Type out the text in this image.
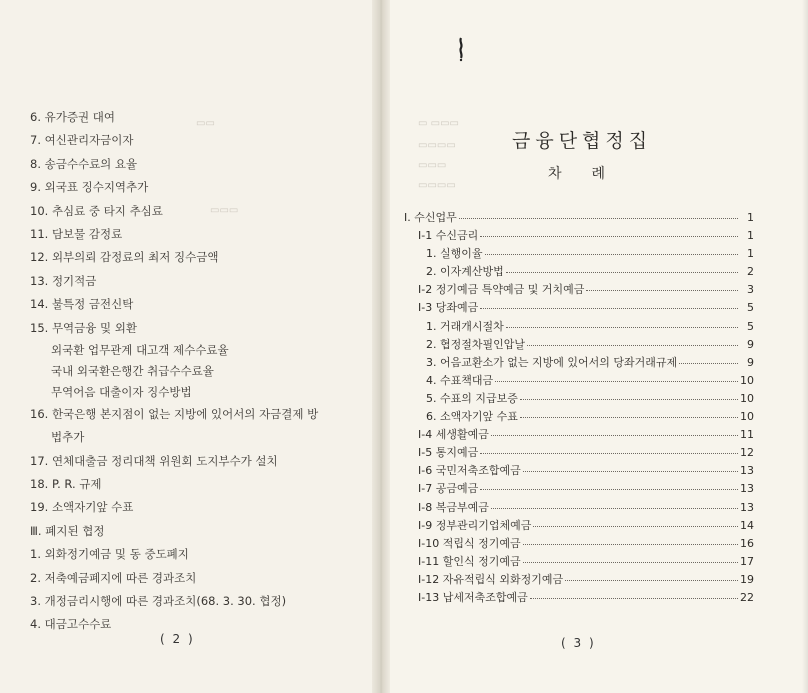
▭▭
▭▭▭
▭ ▭▭▭
▭▭▭▭
▭▭▭
▭▭▭▭
6. 유가증권 대여
7. 여신관리자금이자
8. 송금수수료의 요율
9. 외국표 징수지역추가
10. 추심료 중 타지 추심료
11. 담보물 감정료
12. 외부의뢰 감정료의 최저 징수금액
13. 정기적금
14. 불특정 금전신탁
15. 무역금융 및 외환
외국환 업무관계 대고객 제수수료율
국내 외국환은행간 취급수수료율
무역어음 대출이자 징수방법
16. 한국은행 본지점이 없는 지방에 있어서의 자금결제 방
법추가
17. 연체대출금 정리대책 위원회 도지부수가 설치
18. P. R. 규제
19. 소액자기앞 수표
Ⅲ. 폐지된 협정
1. 외화정기예금 및 동 중도폐지
2. 저축예금폐지에 따른 경과조치
3. 개정금리시행에 따른 경과조치(68. 3. 30. 협정)
4. 대금고수수료
( 2 )
금융단협정집
차례
Ⅰ. 수신업무	1
Ⅰ-1 수신금리	1
1. 실행이율	1
2. 이자계산방법	2
Ⅰ-2 정기예금 특약예금 및 거치예금	3
Ⅰ-3 당좌예금	5
1. 거래개시절차	5
2. 협정절차필인압날	9
3. 어음교환소가 없는 지방에 있어서의 당좌거래규제	9
4. 수표책대금	10
5. 수표의 지급보증	10
6. 소액자기앞 수표	10
Ⅰ-4 세생활예금	11
Ⅰ-5 통지예금	12
Ⅰ-6 국민저축조합예금	13
Ⅰ-7 공금예금	13
Ⅰ-8 복금부예금	13
Ⅰ-9 정부관리기업체예금	14
Ⅰ-10 적립식 정기예금	16
Ⅰ-11 할인식 정기예금	17
Ⅰ-12 자유적립식 외화정기예금	19
Ⅰ-13 납세저축조합예금	22
( 3 )
